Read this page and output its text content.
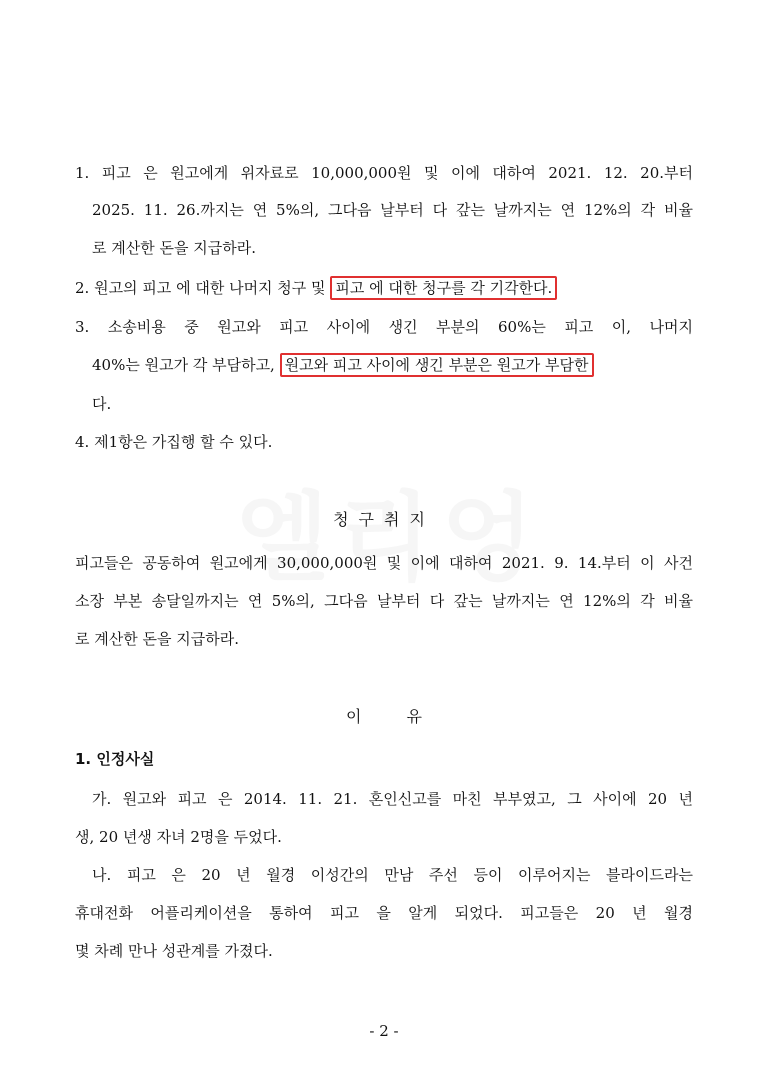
1. 피고 은 원고에게 위자료로 10,000,000원 및 이에 대하여 2021. 12. 20.부터
2025. 11. 26.까지는 연 5%의, 그다음 날부터 다 갚는 날까지는 연 12%의 각 비율
로 계산한 돈을 지급하라.
2. 원고의 피고 에 대한 나머지 청구 및 피고 에 대한 청구를 각 기각한다.
3. 소송비용 중 원고와 피고 사이에 생긴 부분의 60%는 피고 이, 나머지
40%는 원고가 각 부담하고, 원고와 피고 사이에 생긴 부분은 원고가 부담한
다.
4. 제1항은 가집행 할 수 있다.
청구취지
피고들은 공동하여 원고에게 30,000,000원 및 이에 대하여 2021. 9. 14.부터 이 사건
소장 부본 송달일까지는 연 5%의, 그다음 날부터 다 갚는 날까지는 연 12%의 각 비율
로 계산한 돈을 지급하라.
이 유
1. 인정사실
가. 원고와 피고 은 2014. 11. 21. 혼인신고를 마친 부부였고, 그 사이에 20 년
생, 20 년생 자녀 2명을 두었다.
나. 피고 은 20 년 월경 이성간의 만남 주선 등이 이루어지는 블라이드라는
휴대전화 어플리케이션을 통하여 피고 을 알게 되었다. 피고들은 20 년 월경
몇 차례 만나 성관계를 가졌다.
- 2 -
